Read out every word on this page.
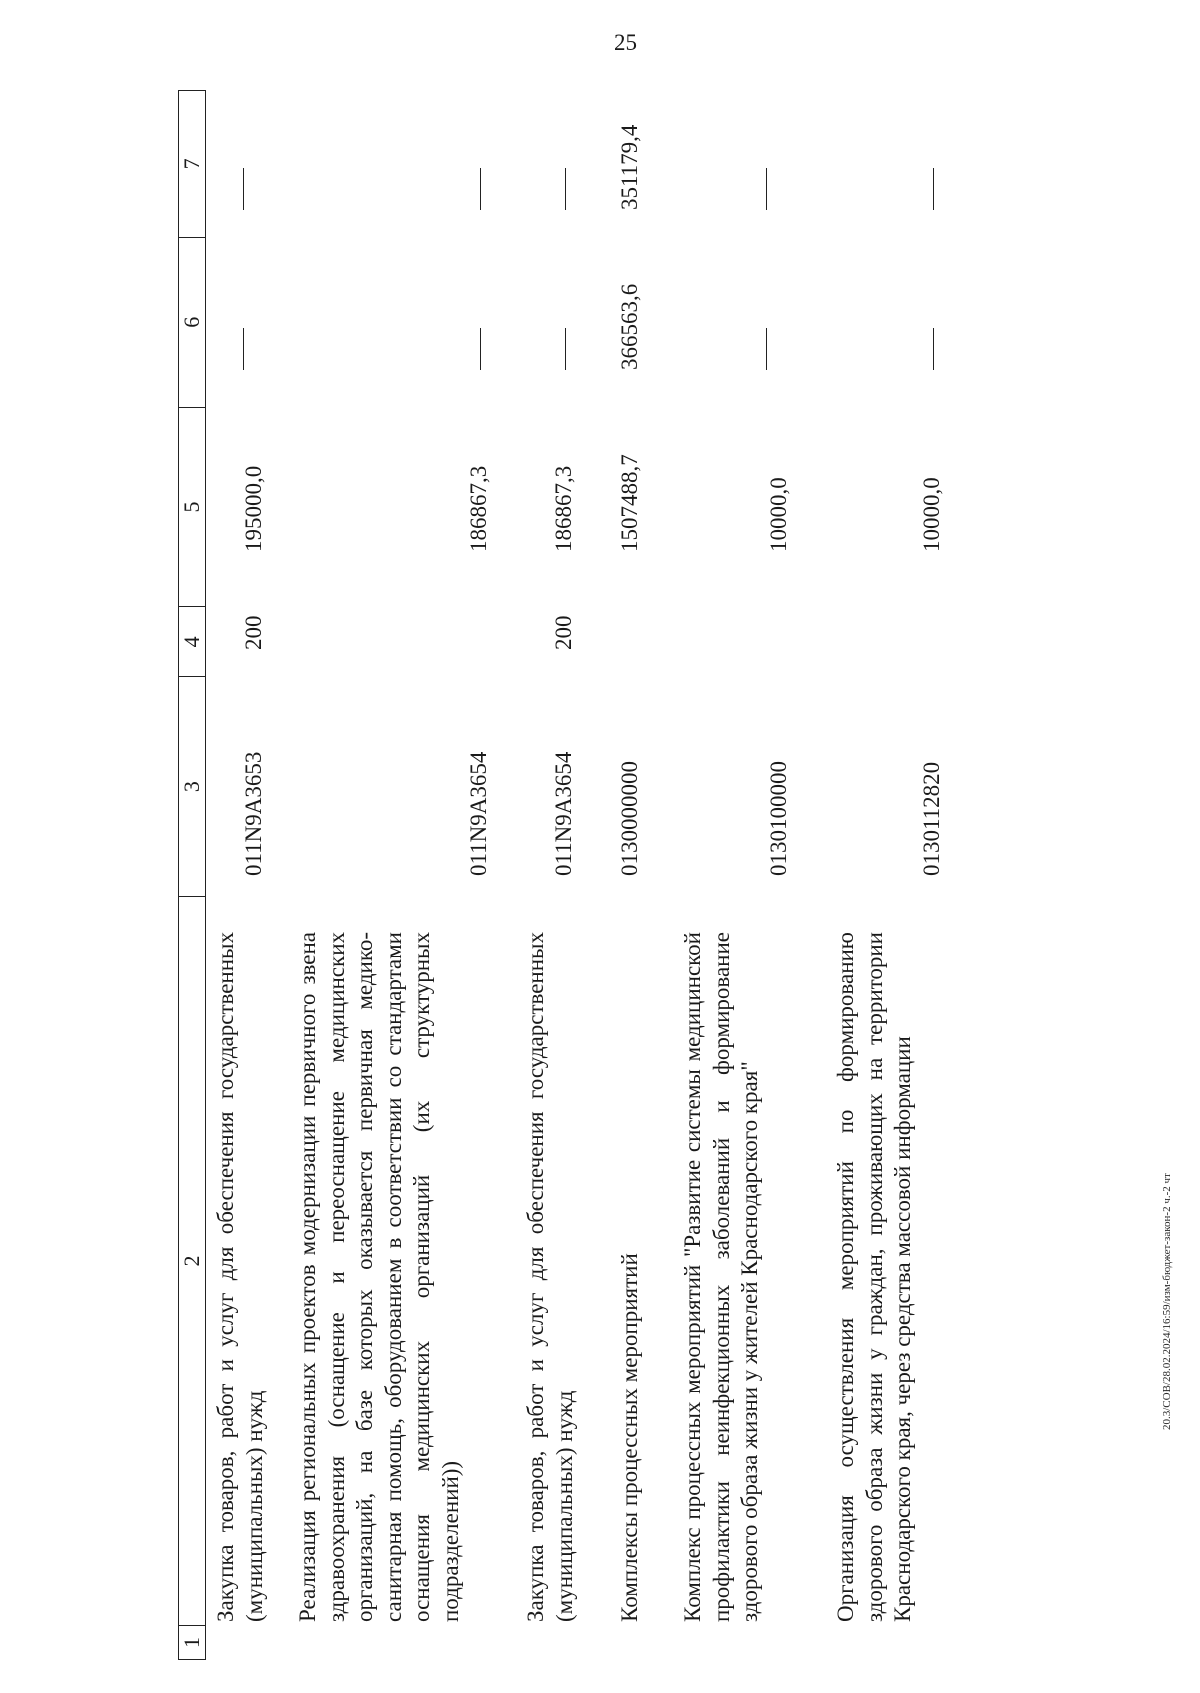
25
20.3/СОВ/28.02.2024/16:59/изм-бюджет-закон-2 ч.-2 чт
1
2
3
4
5
6
7
Закупка товаров, работ и услуг для обеспечения государственных (муниципальных) нужд
011N9A3653
200
195000,0
Реализация региональных проектов модернизации первичного звена здравоохранения (оснащение и переоснащение медицинских организаций, на базе которых оказывается первичная медико-санитарная помощь, оборудованием в соответствии со стандартами оснащения медицинских организаций (их структурных подразделений))
011N9A3654
186867,3
Закупка товаров, работ и услуг для обеспечения государственных (муниципальных) нужд
011N9A3654
200
186867,3
Комплексы процессных мероприятий
0130000000
1507488,7
366563,6
351179,4
Комплекс процессных мероприятий "Развитие системы медицинской профилактики неинфекционных заболеваний и формирование здорового образа жизни у жителей Краснодарского края"
0130100000
10000,0
Организация осуществления мероприятий по формированию здорового образа жизни у граждан, проживающих на территории Краснодарского края, через средства массовой информации
0130112820
10000,0
